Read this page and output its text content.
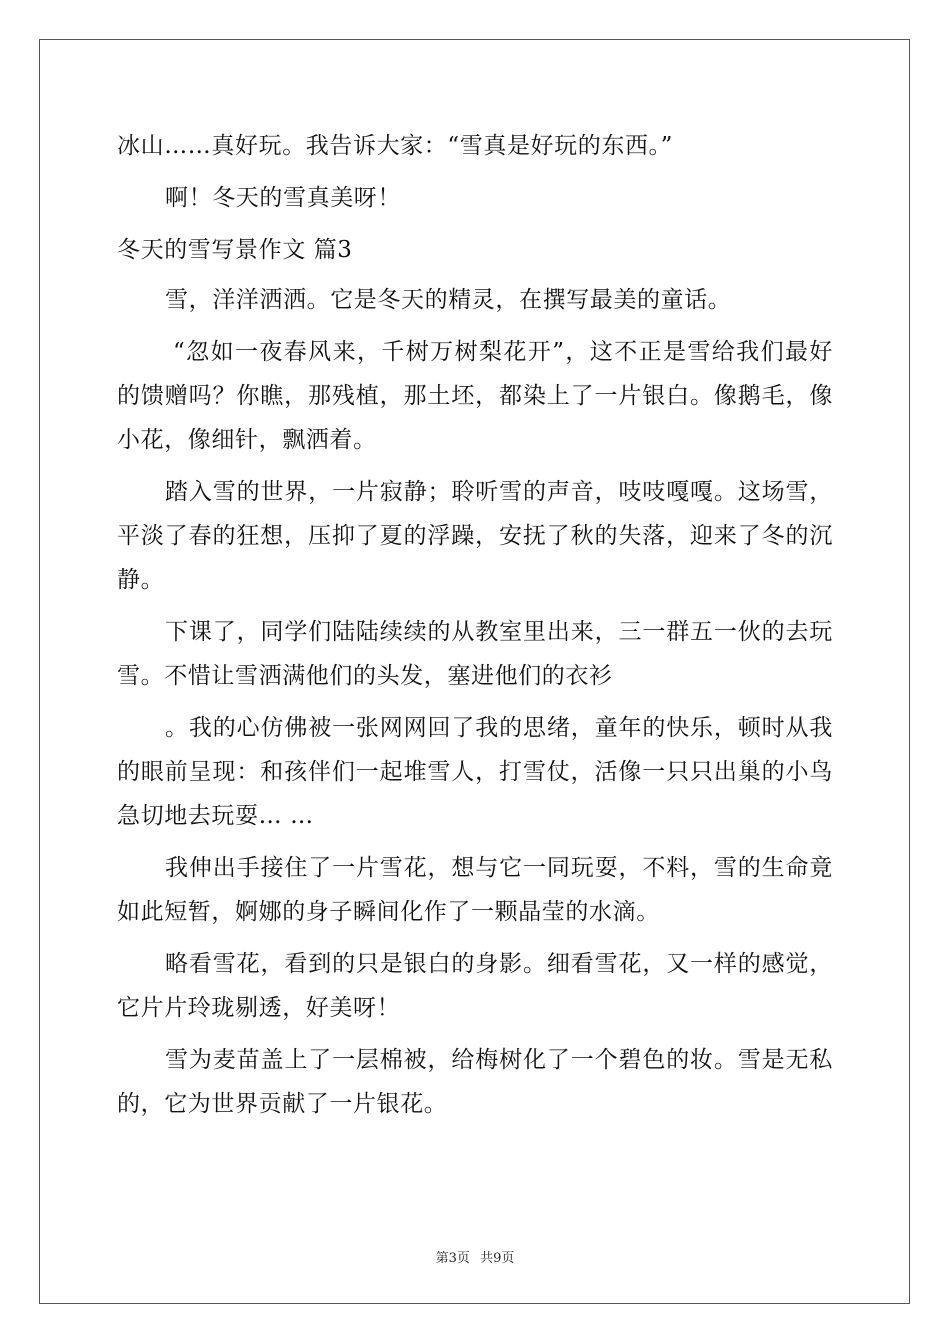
冰山……真好玩。我告诉大家：“雪真是好玩的东西。”

啊！冬天的雪真美呀！

冬天的雪写景作文 篇3

雪，洋洋洒洒。它是冬天的精灵，在撰写最美的童话。

“忽如一夜春风来，千树万树梨花开”，这不正是雪给我们最好的馈赠吗？你瞧，那残植，那土坯，都染上了一片银白。像鹅毛，像小花，像细针，飘洒着。

踏入雪的世界，一片寂静；聆听雪的声音，吱吱嘎嘎。这场雪，平淡了春的狂想，压抑了夏的浮躁，安抚了秋的失落，迎来了冬的沉静。

下课了，同学们陆陆续续的从教室里出来，三一群五一伙的去玩雪。不惜让雪洒满他们的头发，塞进他们的衣衫

。我的心仿佛被一张网网回了我的思绪，童年的快乐，顿时从我的眼前呈现：和孩伴们一起堆雪人，打雪仗，活像一只只出巢的小鸟急切地去玩耍… …

我伸出手接住了一片雪花，想与它一同玩耍，不料，雪的生命竟如此短暂，婀娜的身子瞬间化作了一颗晶莹的水滴。

略看雪花，看到的只是银白的身影。细看雪花，又一样的感觉，它片片玲珑剔透，好美呀！

雪为麦苗盖上了一层棉被，给梅树化了一个碧色的妆。雪是无私的，它为世界贡献了一片银花。

第3页 共9页
